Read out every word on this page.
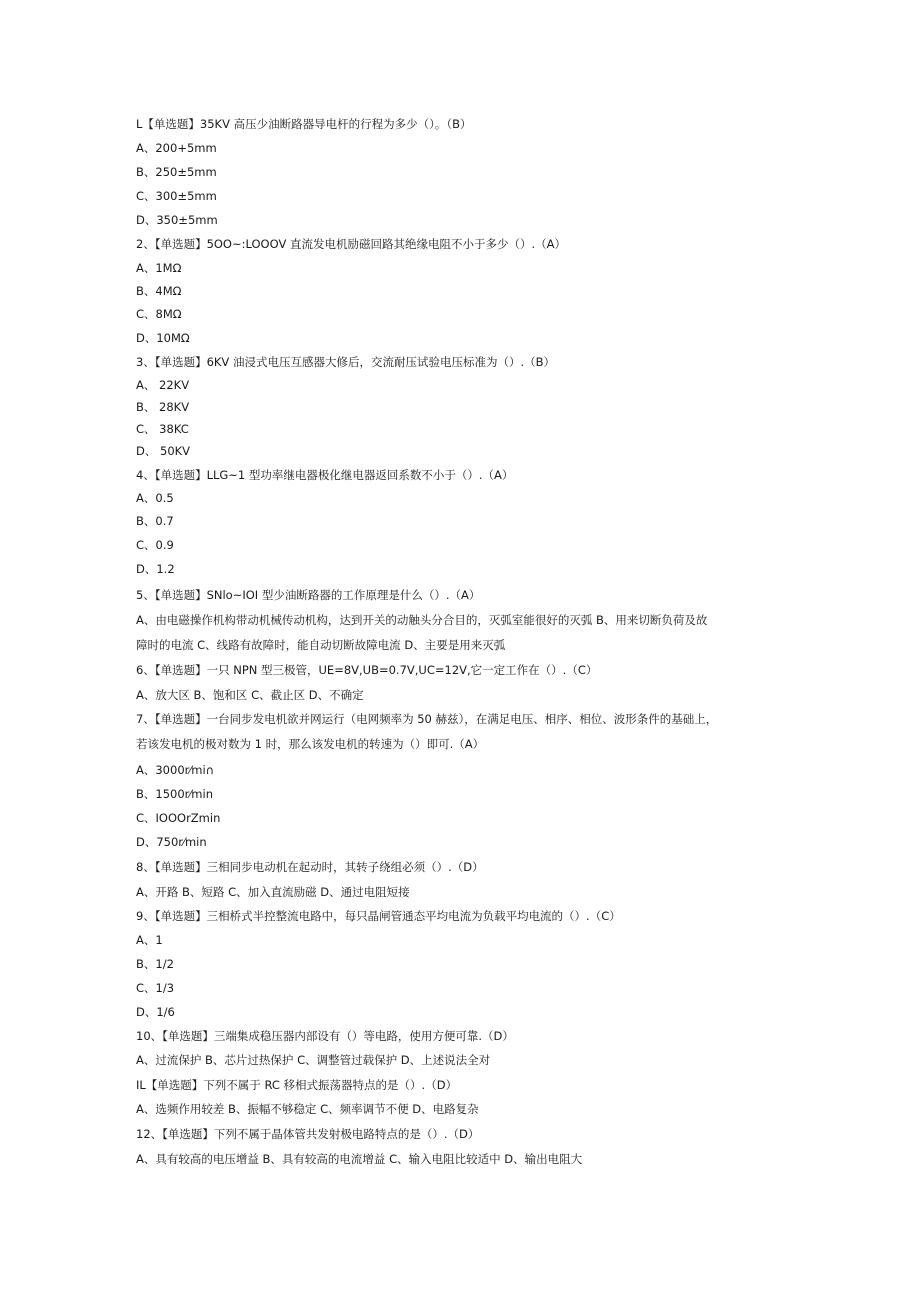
L【单选题】35KV 高压少油断路器导电杆的行程为多少（）。（B）
A、200+5mm
B、250±5mm
C、300±5mm
D、350±5mm
2、【单选题】5OO~:LOOOV 直流发电机励磁回路其绝缘电阻不小于多少（）.（A）
A、1MΩ
B、4MΩ
C、8MΩ
D、10MΩ
3、【单选题】6KV 油浸式电压互感器大修后，交流耐压试验电压标准为（）.（B）
A、 22KV
B、 28KV
C、 38KC
D、 50KV
4、【单选题】LLG~1 型功率继电器极化继电器返回系数不小于（）.（A）
A、0.5
B、0.7
C、0.9
D、1.2
5、【单选题】SNlo~IOI 型少油断路器的工作原理是什么（）.（A）
A、由电磁操作机构带动机械传动机构，达到开关的动触头分合目的，灭弧室能很好的灭弧 B、用来切断负荷及故
障时的电流 C、线路有故障时，能自动切断故障电流 D、主要是用来灭弧
6、【单选题】一只 NPN 型三极管，UE=8V,UB=0.7V,UC=12V,它一定工作在（）.（C）
A、放大区 B、饱和区 C、截止区 D、不确定
7、【单选题】一台同步发电机欲并网运行（电网频率为 50 赫兹），在满足电压、相序、相位、波形条件的基础上，
若该发电机的极对数为 1 时，那么该发电机的转速为（）即可.（A）
A、3000r⁄mi∩
B、1500r⁄min
C、IOOOrZmin
D、750r⁄min
8、【单选题】三相同步电动机在起动时，其转子绕组必须（）.（D）
A、开路 B、短路 C、加入直流励磁 D、通过电阻短接
9、【单选题】三相桥式半控整流电路中，每只晶闸管通态平均电流为负载平均电流的（）.（C）
A、1
B、1/2
C、1/3
D、1/6
10、【单选题】三端集成稳压器内部设有（）等电路，使用方便可靠.（D）
A、过流保护 B、芯片过热保护 C、调整管过载保护 D、上述说法全对
IL【单选题】下列不属于 RC 移相式振荡器特点的是（）.（D）
A、选频作用较差 B、振幅不够稳定 C、频率调节不便 D、电路复杂
12、【单选题】下列不属于晶体管共发射极电路特点的是（）.（D）
A、具有较高的电压增益 B、具有较高的电流增益 C、输入电阻比较适中 D、输出电阻大
